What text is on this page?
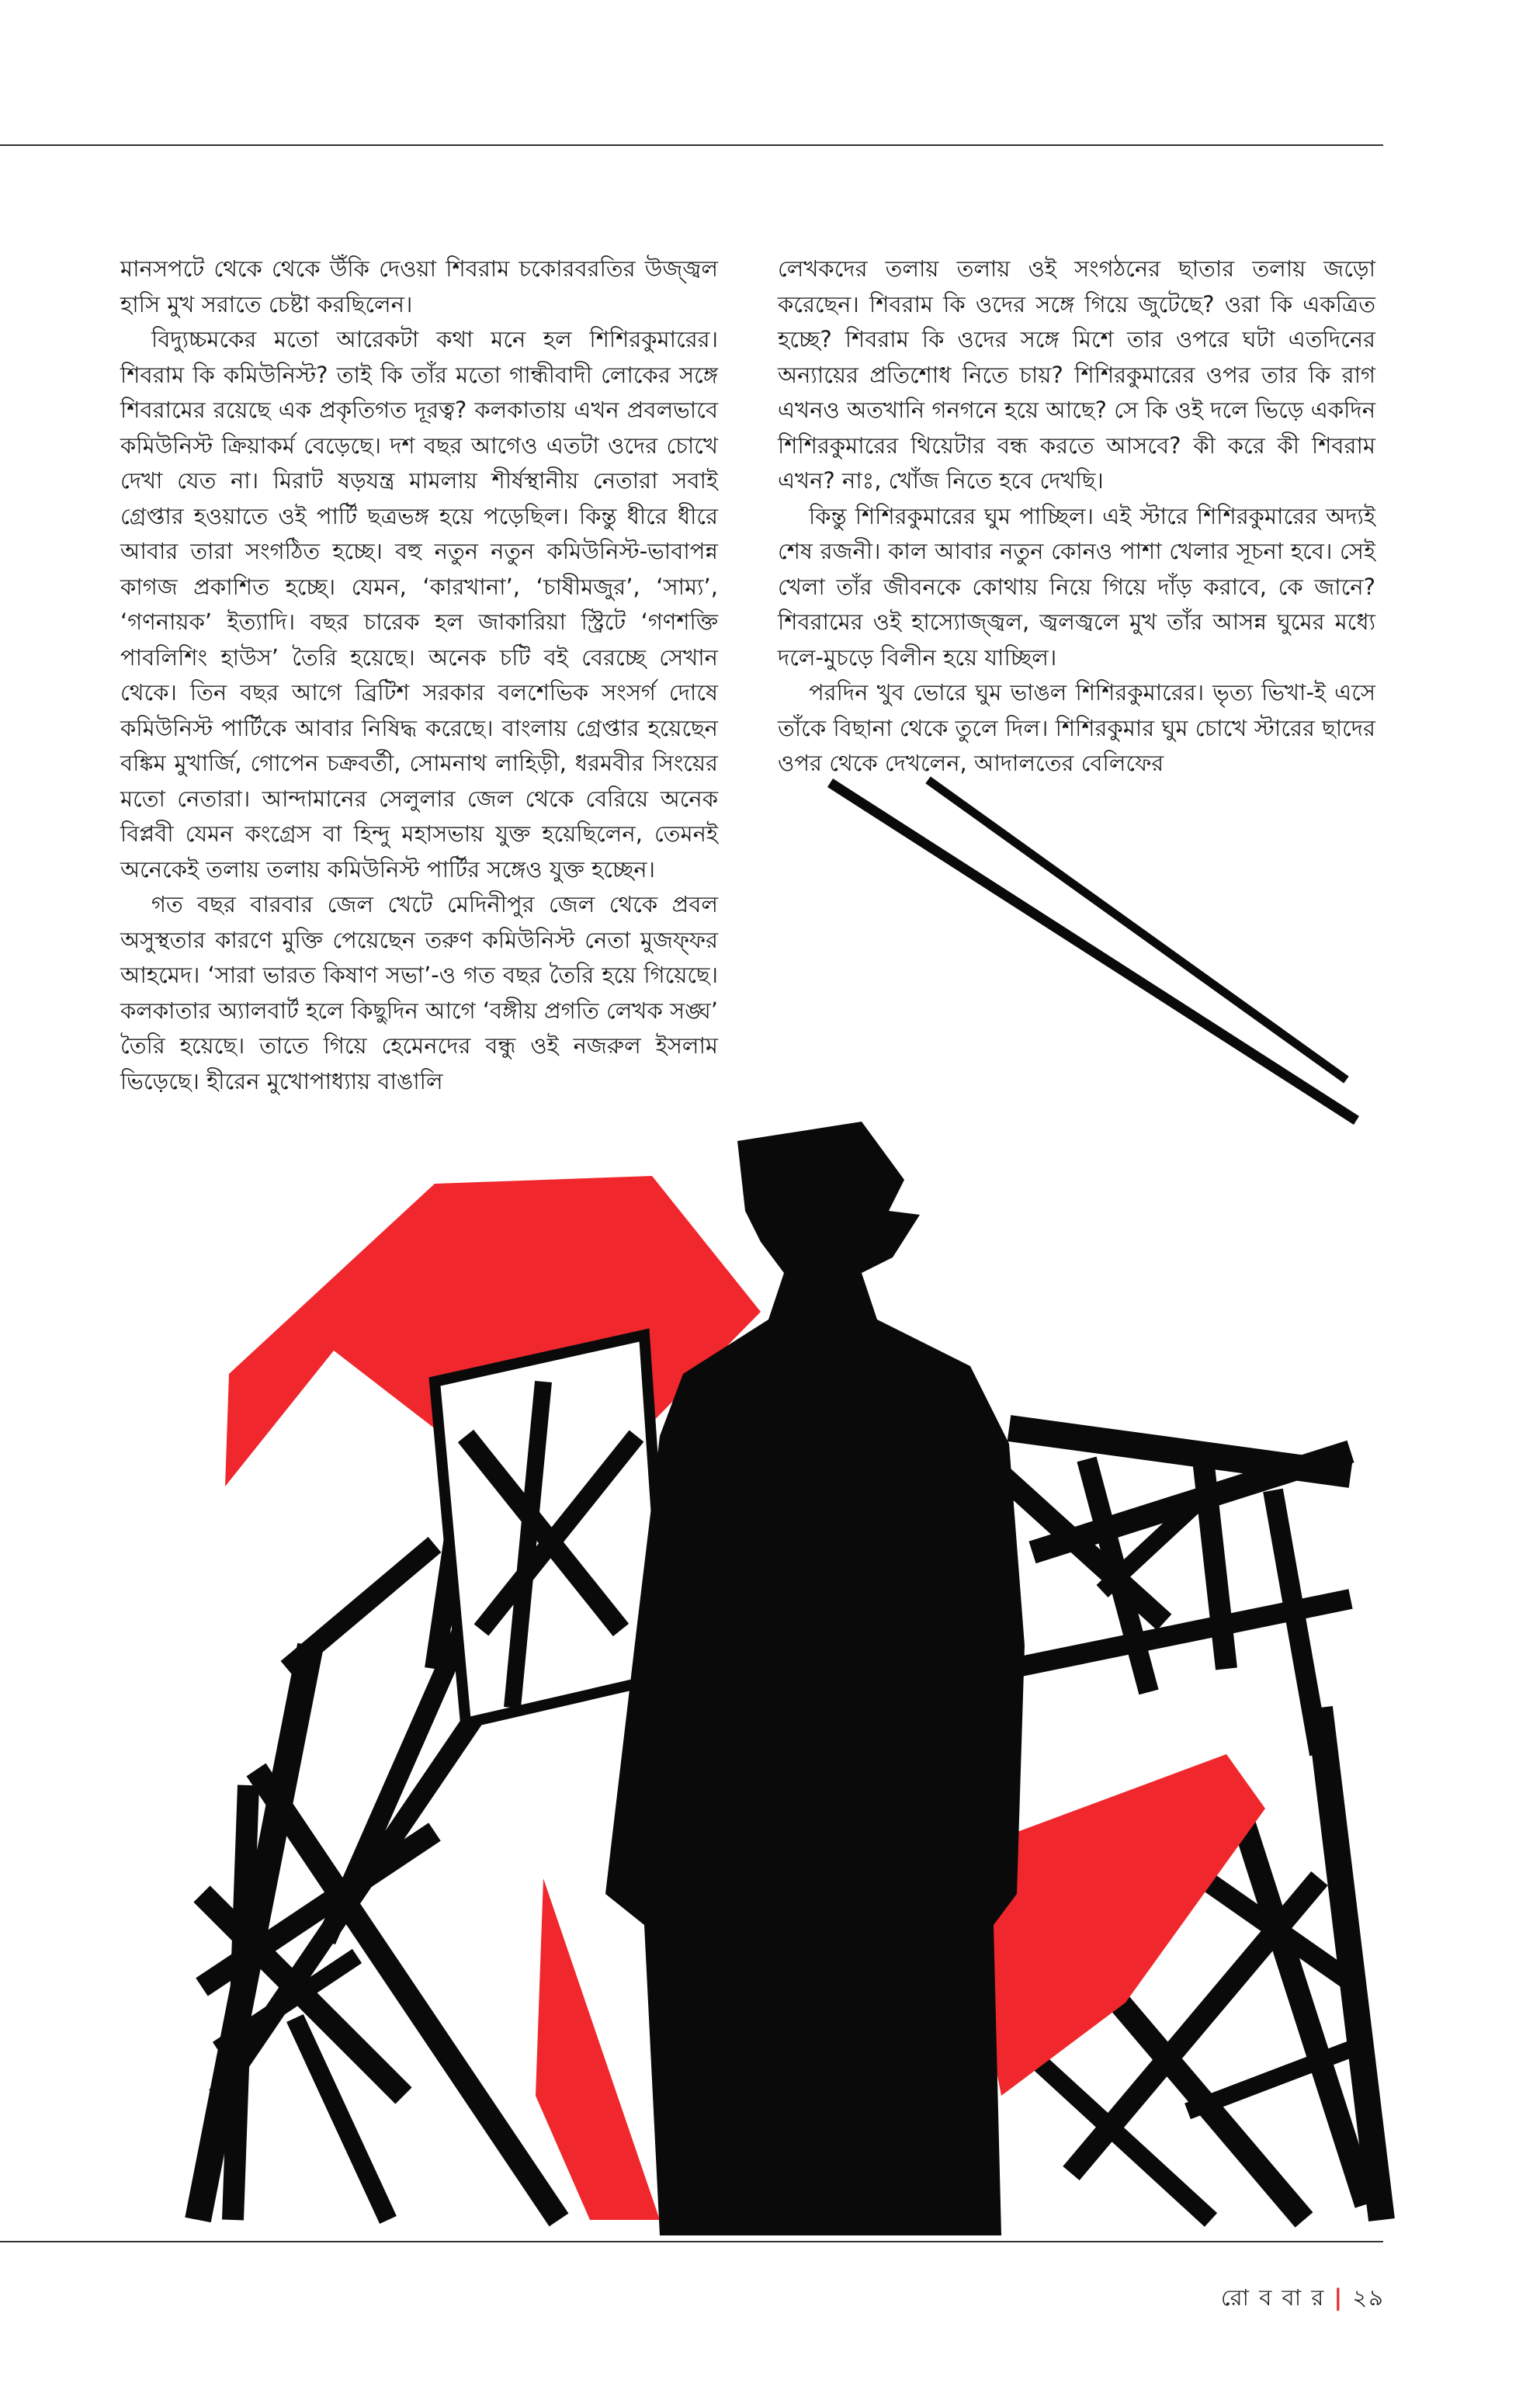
মানসপটে থেকে থেকে উঁকি দেওয়া শিবরাম চকোরবরতির উজ্জ্বল হাসি মুখ সরাতে চেষ্টা করছিলেন।

বিদ্যুচ্চমকের মতো আরেকটা কথা মনে হল শিশিরকুমারের। শিবরাম কি কমিউনিস্ট? তাই কি তাঁর মতো গান্ধীবাদী লোকের সঙ্গে শিবরামের রয়েছে এক প্রকৃতিগত দূরত্ব? কলকাতায় এখন প্রবলভাবে কমিউনিস্ট ক্রিয়াকর্ম বেড়েছে। দশ বছর আগেও এতটা ওদের চোখে দেখা যেত না। মিরাট ষড়যন্ত্র মামলায় শীর্ষস্থানীয় নেতারা সবাই গ্রেপ্তার হওয়াতে ওই পার্টি ছত্রভঙ্গ হয়ে পড়েছিল। কিন্তু ধীরে ধীরে আবার তারা সংগঠিত হচ্ছে। বহু নতুন নতুন কমিউনিস্ট-ভাবাপন্ন কাগজ প্রকাশিত হচ্ছে। যেমন, ‘কারখানা’, ‘চাষীমজুর’, ‘সাম্য’, ‘গণনায়ক’ ইত্যাদি। বছর চারেক হল জাকারিয়া স্ট্রিটে ‘গণশক্তি পাবলিশিং হাউস’ তৈরি হয়েছে। অনেক চটি বই বেরচ্ছে সেখান থেকে। তিন বছর আগে ব্রিটিশ সরকার বলশেভিক সংসর্গ দোষে কমিউনিস্ট পার্টিকে আবার নিষিদ্ধ করেছে। বাংলায় গ্রেপ্তার হয়েছেন বঙ্কিম মুখার্জি, গোপেন চক্রবর্তী, সোমনাথ লাহিড়ী, ধরমবীর সিংয়ের মতো নেতারা। আন্দামানের সেলুলার জেল থেকে বেরিয়ে অনেক বিপ্লবী যেমন কংগ্রেস বা হিন্দু মহাসভায় যুক্ত হয়েছিলেন, তেমনই অনেকেই তলায় তলায় কমিউনিস্ট পার্টির সঙ্গেও যুক্ত হচ্ছেন।

গত বছর বারবার জেল খেটে মেদিনীপুর জেল থেকে প্রবল অসুস্থতার কারণে মুক্তি পেয়েছেন তরুণ কমিউনিস্ট নেতা মুজফ্ফর আহমেদ। ‘সারা ভারত কিষাণ সভা’-ও গত বছর তৈরি হয়ে গিয়েছে। কলকাতার অ্যালবার্ট হলে কিছুদিন আগে ‘বঙ্গীয় প্রগতি লেখক সঙ্ঘ’ তৈরি হয়েছে। তাতে গিয়ে হেমেনদের বন্ধু ওই নজরুল ইসলাম ভিড়েছে। হীরেন মুখোপাধ্যায় বাঙালি

লেখকদের তলায় তলায় ওই সংগঠনের ছাতার তলায় জড়ো করেছেন। শিবরাম কি ওদের সঙ্গে গিয়ে জুটেছে? ওরা কি একত্রিত হচ্ছে? শিবরাম কি ওদের সঙ্গে মিশে তার ওপরে ঘটা এতদিনের অন্যায়ের প্রতিশোধ নিতে চায়? শিশিরকুমারের ওপর তার কি রাগ এখনও অতখানি গনগনে হয়ে আছে? সে কি ওই দলে ভিড়ে একদিন শিশিরকুমারের থিয়েটার বন্ধ করতে আসবে? কী করে কী শিবরাম এখন? নাঃ, খোঁজ নিতে হবে দেখছি।

কিন্তু শিশিরকুমারের ঘুম পাচ্ছিল। এই স্টারে শিশিরকুমারের অদ্যই শেষ রজনী। কাল আবার নতুন কোনও পাশা খেলার সূচনা হবে। সেই খেলা তাঁর জীবনকে কোথায় নিয়ে গিয়ে দাঁড় করাবে, কে জানে? শিবরামের ওই হাস্যোজ্জ্বল, জ্বলজ্বলে মুখ তাঁর আসন্ন ঘুমের মধ্যে দলে-মুচড়ে বিলীন হয়ে যাচ্ছিল।

পরদিন খুব ভোরে ঘুম ভাঙল শিশিরকুমারের। ভৃত্য ভিখা-ই এসে তাঁকে বিছানা থেকে তুলে দিল। শিশিরকুমার ঘুম চোখে স্টারের ছাদের ওপর থেকে দেখলেন, আদালতের বেলিফের

রো ব বা র | ২৯
